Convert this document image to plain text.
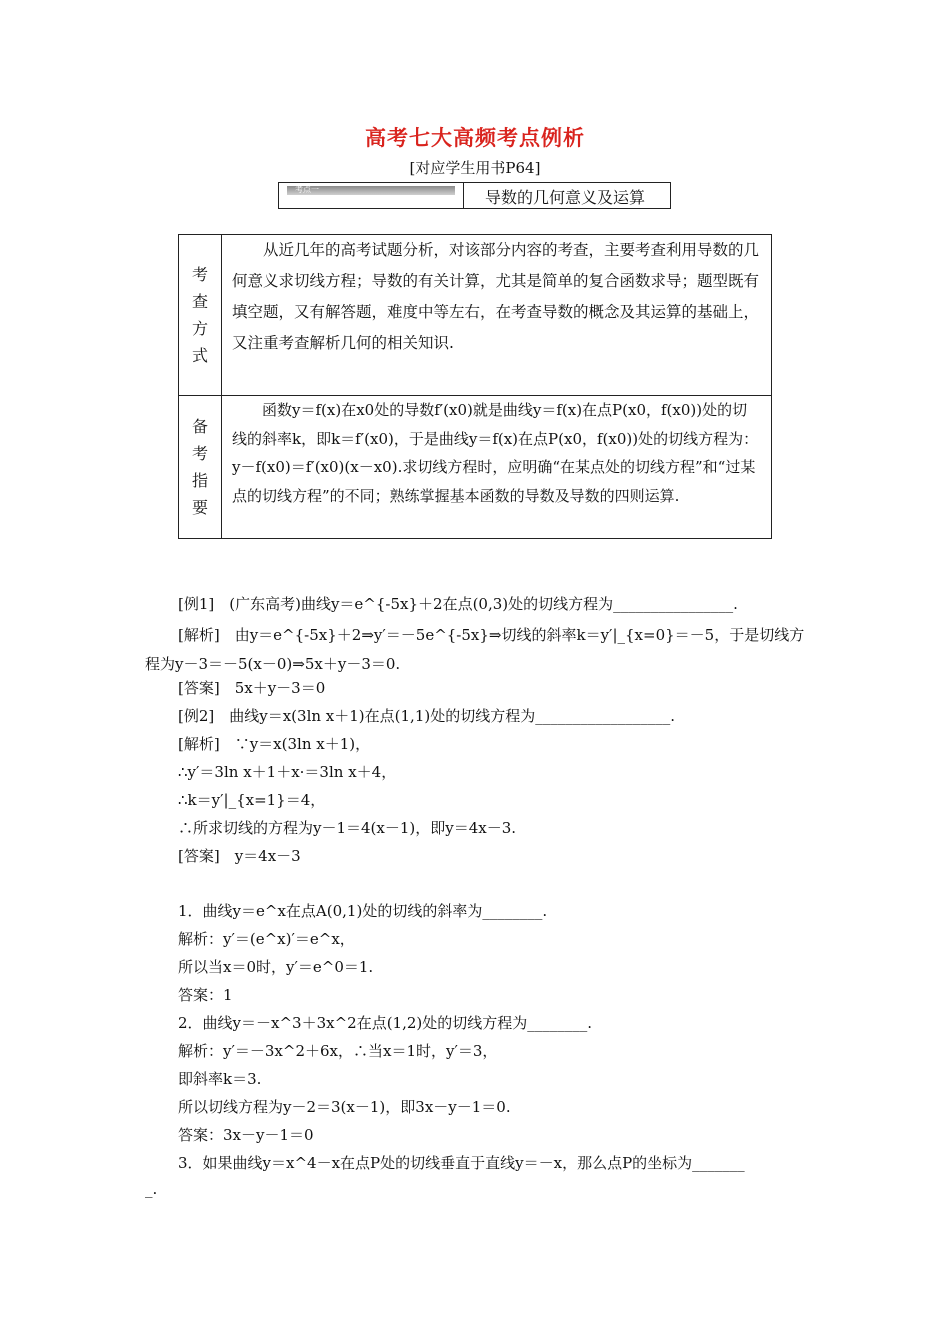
高考七大高频考点例析
[对应学生用书P64]
考点一	导数的几何意义及运算
考
查
方
式	从近几年的高考试题分析，对该部分内容的考查，主要考查利用导数的几何意义求切线方程；导数的有关计算，尤其是简单的复合函数求导；题型既有填空题，又有解答题，难度中等左右，在考查导数的概念及其运算的基础上，又注重考查解析几何的相关知识.

备
考
指
要	函数y＝f(x)在x0处的导数f′(x0)就是曲线y＝f(x)在点P(x0，f(x0))处的切线的斜率k，即k＝f′(x0)，于是曲线y＝f(x)在点P(x0，f(x0))处的切线方程为：y－f(x0)＝f′(x0)(x－x0).求切线方程时，应明确“在某点处的切线方程”和“过某点的切线方程”的不同；熟练掌握基本函数的导数及导数的四则运算.
[例1]　(广东高考)曲线y＝e^{-5x}＋2在点(0,3)处的切线方程为________________.
[解析]　由y＝e^{-5x}＋2⇒y′＝－5e^{-5x}⇒切线的斜率k＝y′|_{x=0}＝－5，于是切线方程为y－3＝－5(x－0)⇒5x＋y－3＝0.
[答案]　5x＋y－3＝0
[例2]　曲线y＝x(3ln x＋1)在点(1,1)处的切线方程为__________________.
[解析]　∵y＝x(3ln x＋1)，
∴y′＝3ln x＋1＋x·＝3ln x＋4，
∴k＝y′|_{x=1}＝4，
∴所求切线的方程为y－1＝4(x－1)，即y＝4x－3.
[答案]　y＝4x－3
1．曲线y＝e^x在点A(0,1)处的切线的斜率为________.
解析：y′＝(e^x)′＝e^x，
所以当x＝0时，y′＝e^0＝1.
答案：1
2．曲线y＝－x^3＋3x^2在点(1,2)处的切线方程为________.
解析：y′＝－3x^2＋6x，∴当x＝1时，y′＝3，
即斜率k＝3.
所以切线方程为y－2＝3(x－1)，即3x－y－1＝0.
答案：3x－y－1＝0
3．如果曲线y＝x^4－x在点P处的切线垂直于直线y＝－x，那么点P的坐标为_______
_.
